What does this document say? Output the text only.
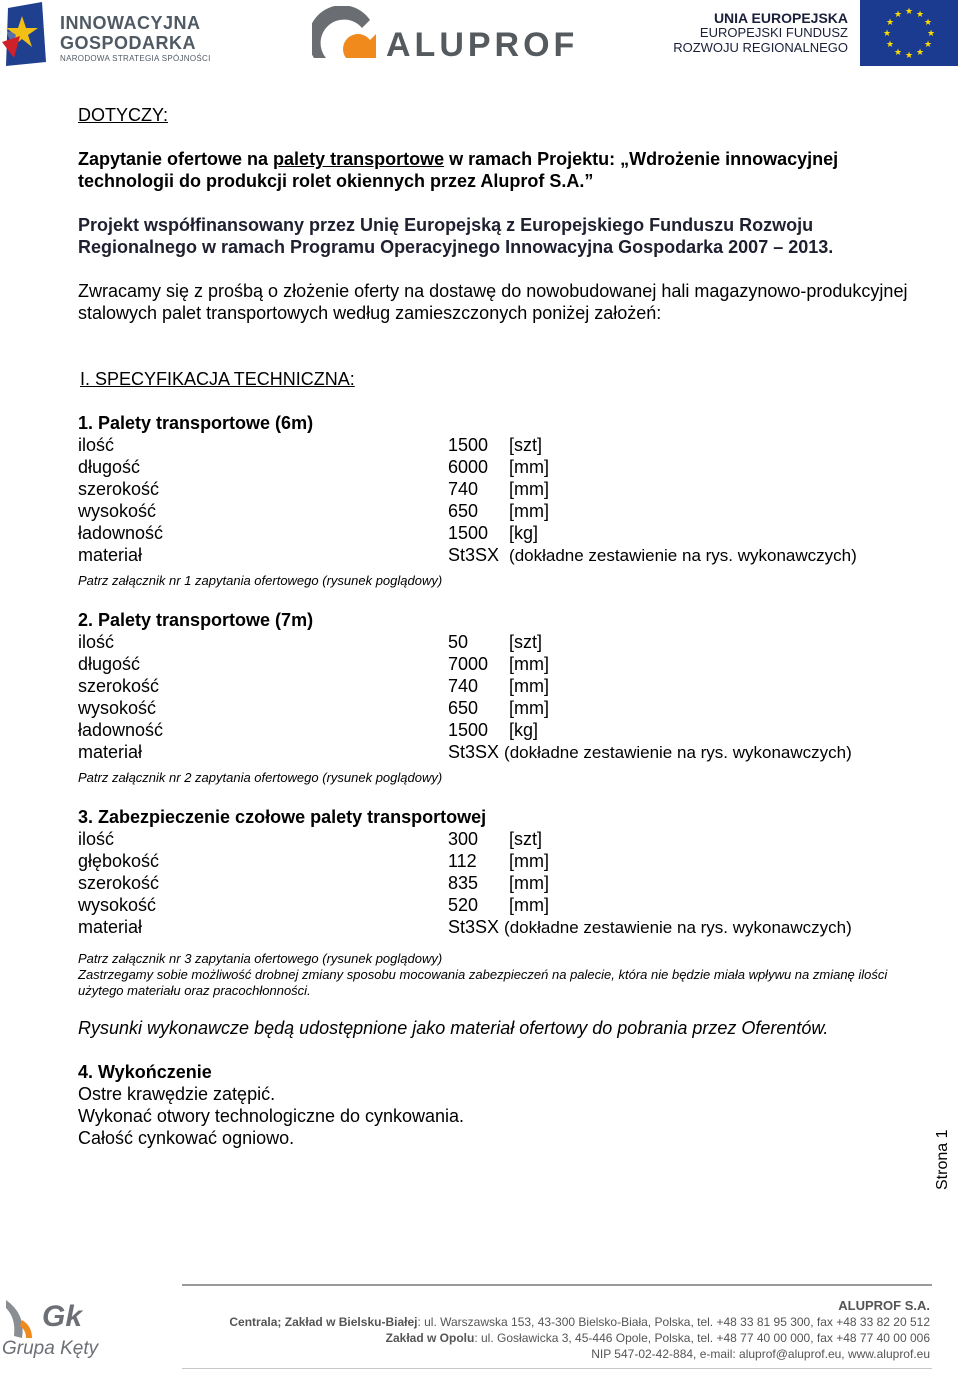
INNOWACYJNA
GOSPODARKA
NARODOWA STRATEGIA SPÓJNOŚCI	ALUPROF
UNIA EUROPEJSKA
EUROPEJSKI FUNDUSZ
ROZWOJU REGIONALNEGO
★ ★
★
★
★
★
★
★
★
★
★
★
DOTYCZY:
Zapytanie ofertowe na palety transportowe w ramach Projektu: „Wdrożenie innowacyjnej technologii do produkcji rolet okiennych przez Aluprof S.A.”
Projekt współfinansowany przez Unię Europejską z Europejskiego Funduszu Rozwoju Regionalnego w ramach Programu Operacyjnego Innowacyjna Gospodarka 2007 – 2013.
Zwracamy się z prośbą o złożenie oferty na dostawę do nowobudowanej hali magazynowo-produkcyjnej stalowych palet transportowych według zamieszczonych poniżej założeń:
I. SPECYFIKACJA TECHNICZNA:
1. Palety transportowe (6m)
ilość	1500	[szt]
długość	6000	[mm]
szerokość	740	[mm]
wysokość	650	[mm]
ładowność	1500	[kg]
materiał	St3SX (dokładne zestawienie na rys. wykonawczych)	
Patrz załącznik nr 1 zapytania ofertowego (rysunek poglądowy)
2. Palety transportowe (7m)
ilość	50	[szt]
długość	7000	[mm]
szerokość	740	[mm]
wysokość	650	[mm]
ładowność	1500	[kg]
materiał	St3SX (dokładne zestawienie na rys. wykonawczych)	
Patrz załącznik nr 2 zapytania ofertowego (rysunek poglądowy)
3. Zabezpieczenie czołowe palety transportowej
ilość	300	[szt]
głębokość	112	[mm]
szerokość	835	[mm]
wysokość	520	[mm]
materiał	St3SX (dokładne zestawienie na rys. wykonawczych)	
Patrz załącznik nr 3 zapytania ofertowego (rysunek poglądowy)
Zastrzegamy sobie możliwość drobnej zmiany sposobu mocowania zabezpieczeń na palecie, która nie będzie miała wpływu na zmianę ilości użytego materiału oraz pracochłonności.
Rysunki wykonawcze będą udostępnione jako materiał ofertowy do pobrania przez Oferentów.
4. Wykończenie
Ostre krawędzie zatępić.
Wykonać otwory technologiczne do cynkowania.
Całość cynkować ogniowo.	Strona 1
Gk
Grupa Kęty
ALUPROF S.A.
Centrala; Zakład w Bielsku-Białej: ul. Warszawska 153, 43-300 Bielsko-Biała, Polska, tel. +48 33 81 95 300, fax +48 33 82 20 512
Zakład w Opolu: ul. Gosławicka 3, 45-446 Opole, Polska, tel. +48 77 40 00 000, fax +48 77 40 00 006
NIP 547-02-42-884, e-mail: aluprof@aluprof.eu, www.aluprof.eu
